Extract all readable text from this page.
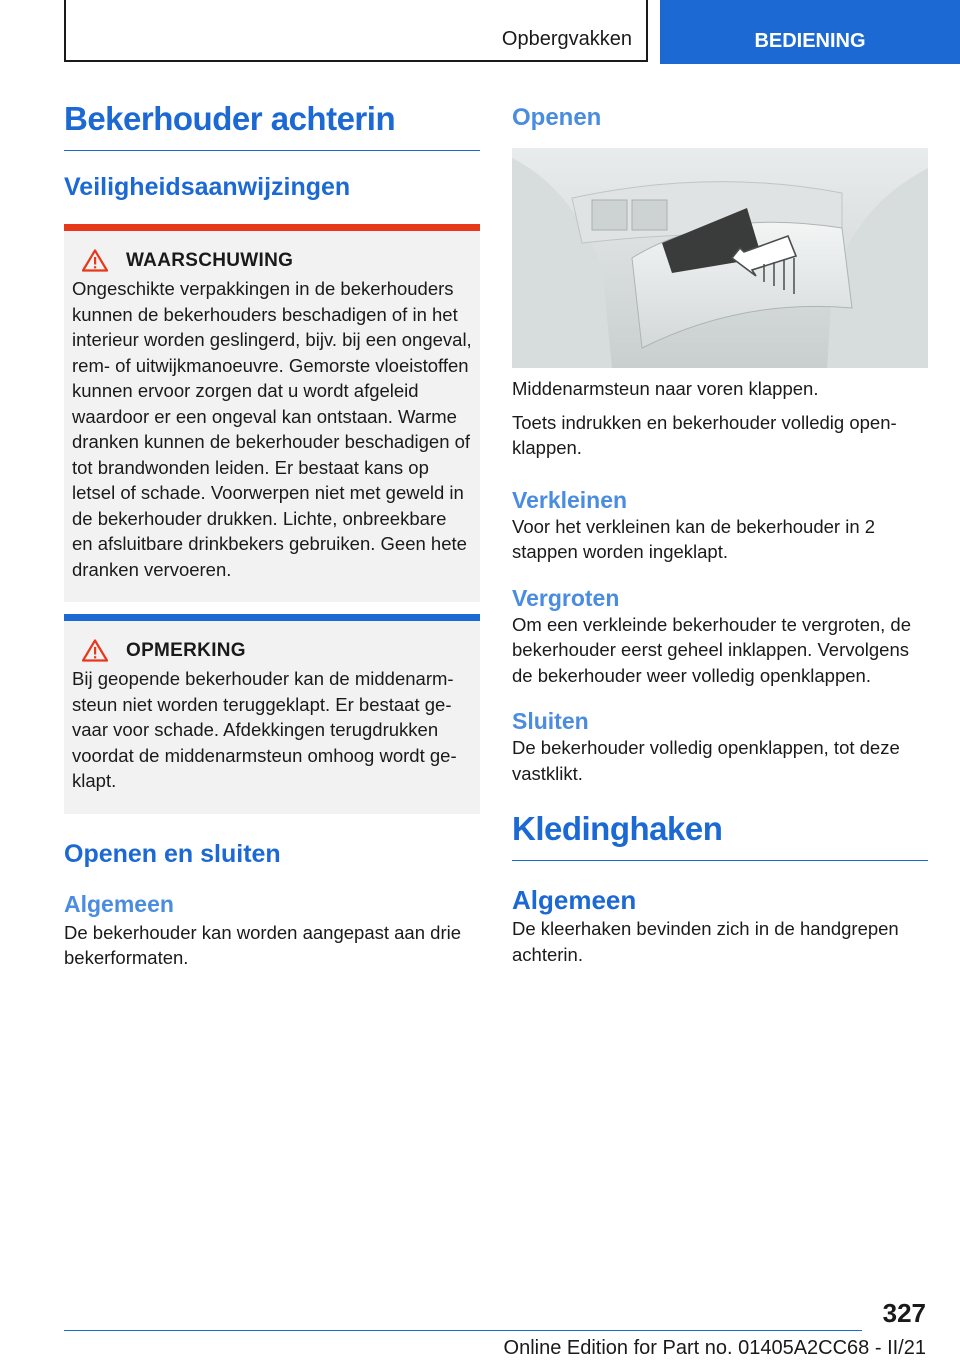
Opbergvakken	BEDIENING
Bekerhouder achterin
Veiligheidsaanwijzingen
WAARSCHUWING

Ongeschikte verpakkingen in de bekerhouders kunnen de bekerhouders beschadigen of in het interieur worden geslingerd, bijv. bij een ongeval, rem- of uitwijkmanoeuvre. Gemorste vloeistoffen kunnen ervoor zorgen dat u wordt afgeleid waardoor er een ongeval kan ontstaan. Warme dranken kunnen de bekerhouder beschadigen of tot brandwonden leiden. Er bestaat kans op letsel of schade. Voorwerpen niet met geweld in de bekerhouder drukken. Lichte, onbreekbare en afsluitbare drinkbekers gebruiken. Geen hete dranken vervoeren.

OPMERKING

Bij geopende bekerhouder kan de middenarmsteun niet worden teruggeklapt. Er bestaat gevaar voor schade. Afdekkingen terugdrukken voordat de middenarmsteun omhoog wordt geklapt.

Openen en sluiten
Algemeen

De bekerhouder kan worden aangepast aan drie bekerformaten.

Openen

Middenarmsteun naar voren klappen.

Toets indrukken en bekerhouder volledig openklappen.

Verkleinen

Voor het verkleinen kan de bekerhouder in 2 stappen worden ingeklapt.

Vergroten

Om een verkleinde bekerhouder te vergroten, de bekerhouder eerst geheel inklappen. Vervolgens de bekerhouder weer volledig openklappen.

Sluiten

De bekerhouder volledig openklappen, tot deze vastklikt.

Kledinghaken
Algemeen

De kleerhaken bevinden zich in de handgrepen achterin.

327
Online Edition for Part no. 01405A2CC68 - II/21
